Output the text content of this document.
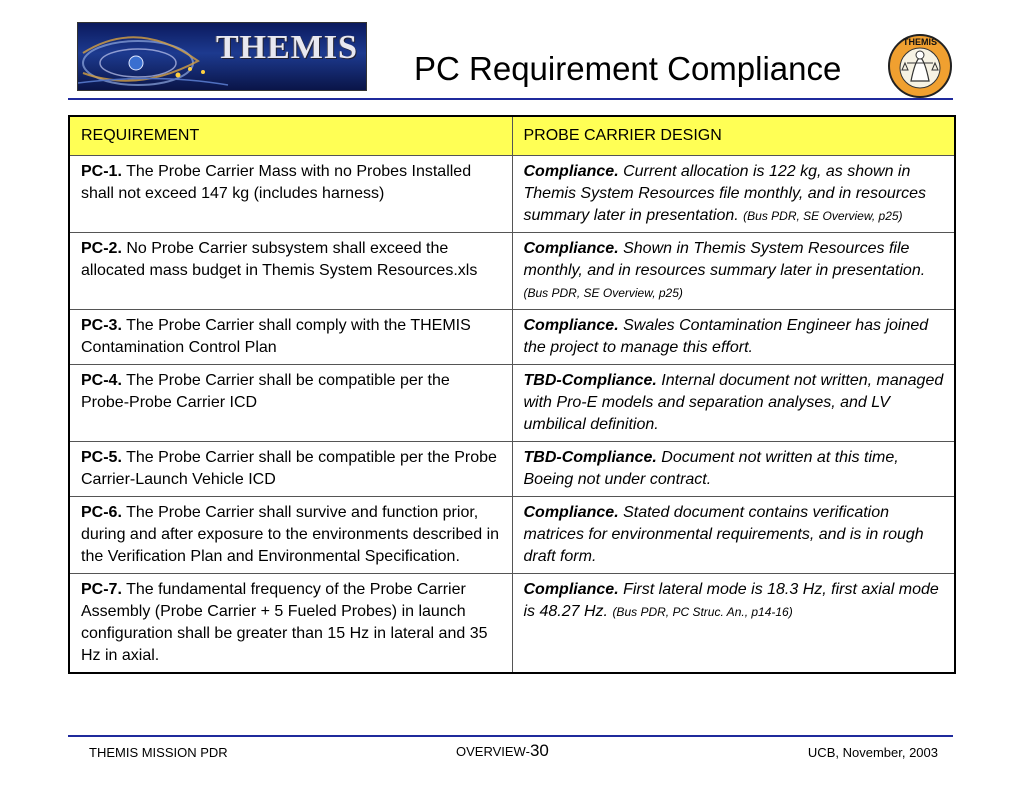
THEMIS
PC Requirement Compliance
THEMIS
REQUIREMENT	PROBE CARRIER DESIGN
PC-1. The Probe Carrier Mass with no Probes Installed shall not exceed 147 kg (includes harness)	Compliance. Current allocation is 122 kg, as shown in Themis System Resources file monthly, and in resources summary later in presentation. (Bus PDR, SE Overview, p25)
PC-2. No Probe Carrier subsystem shall exceed the allocated mass budget in Themis System Resources.xls	Compliance. Shown in Themis System Resources file monthly, and in resources summary later in presentation. (Bus PDR, SE Overview, p25)
PC-3. The Probe Carrier shall comply with the THEMIS Contamination Control Plan	Compliance. Swales Contamination Engineer has joined the project to manage this effort.
PC-4. The Probe Carrier shall be compatible per the Probe-Probe Carrier ICD	TBD-Compliance. Internal document not written, managed with Pro-E models and separation analyses, and LV umbilical definition.
PC-5. The Probe Carrier shall be compatible per the Probe Carrier-Launch Vehicle ICD	TBD-Compliance. Document not written at this time, Boeing not under contract.
PC-6. The Probe Carrier shall survive and function prior, during and after exposure to the environments described in the Verification Plan and Environmental Specification.	Compliance. Stated document contains verification matrices for environmental requirements, and is in rough draft form.
PC-7. The fundamental frequency of the Probe Carrier Assembly (Probe Carrier + 5 Fueled Probes) in launch configuration shall be greater than 15 Hz in lateral and 35 Hz in axial.	Compliance. First lateral mode is 18.3 Hz, first axial mode is 48.27 Hz. (Bus PDR, PC Struc. An., p14-16)
THEMIS MISSION PDR	OVERVIEW-30	UCB, November, 2003
